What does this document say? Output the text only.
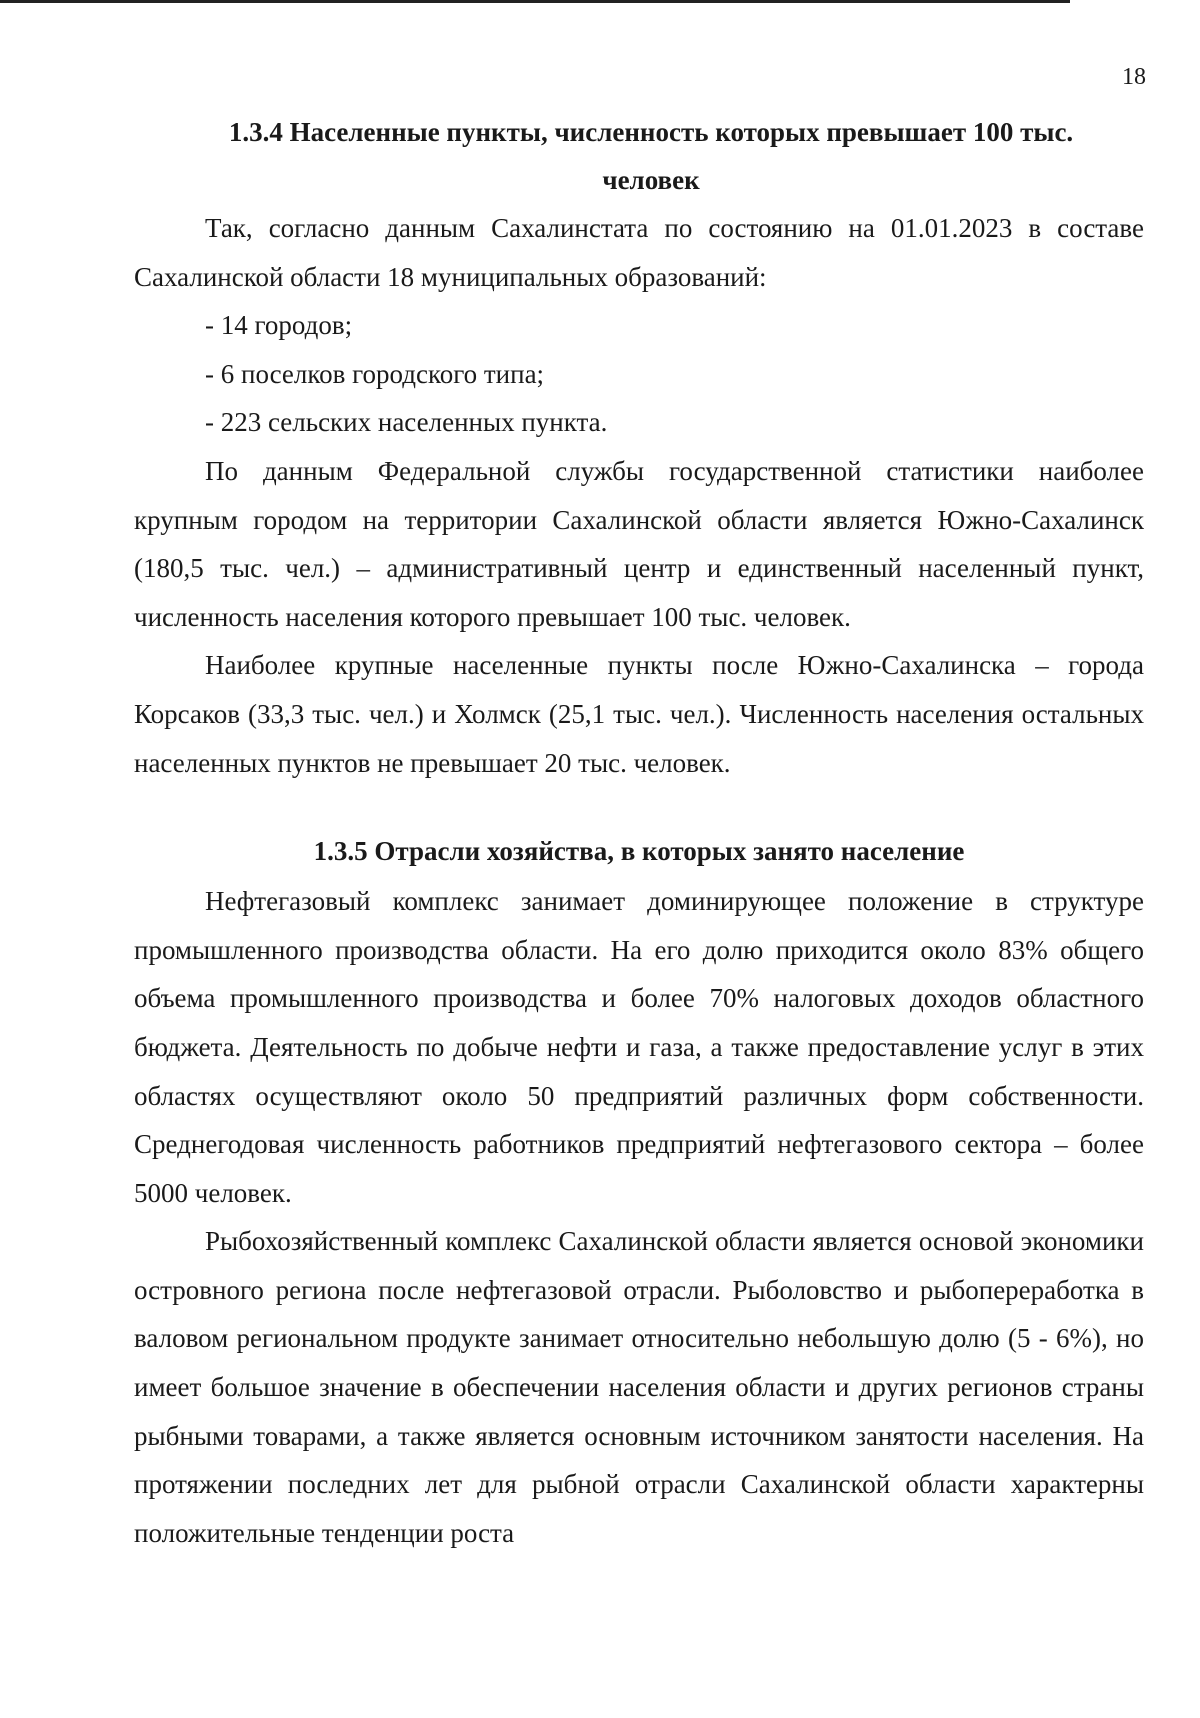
18

1.3.4 Населенные пункты, численность которых превышает 100 тыс.
человек

Так, согласно данным Сахалинстата по состоянию на 01.01.2023 в составе Сахалинской области 18 муниципальных образований:

- 14 городов;

- 6 поселков городского типа;

- 223 сельских населенных пункта.

По данным Федеральной службы государственной статистики наиболее крупным городом на территории Сахалинской области является Южно-Сахалинск (180,5 тыс. чел.) – административный центр и единственный населенный пункт, численность населения которого превышает 100 тыс. человек.

Наиболее крупные населенные пункты после Южно-Сахалинска – города Корсаков (33,3 тыс. чел.) и Холмск (25,1 тыс. чел.). Численность населения остальных населенных пунктов не превышает 20 тыс. человек.

1.3.5 Отрасли хозяйства, в которых занято население

Нефтегазовый комплекс занимает доминирующее положение в структуре промышленного производства области. На его долю приходится около 83% общего объема промышленного производства и более 70% налоговых доходов областного бюджета. Деятельность по добыче нефти и газа, а также предоставление услуг в этих областях осуществляют около 50 предприятий различных форм собственности. Среднегодовая численность работников предприятий нефтегазового сектора – более 5000 человек.

Рыбохозяйственный комплекс Сахалинской области является основой экономики островного региона после нефтегазовой отрасли. Рыболовство и рыбопереработка в валовом региональном продукте занимает относительно небольшую долю (5 - 6%), но имеет большое значение в обеспечении населения области и других регионов страны рыбными товарами, а также является основным источником занятости населения. На протяжении последних лет для рыбной отрасли Сахалинской области характерны положительные тенденции роста
